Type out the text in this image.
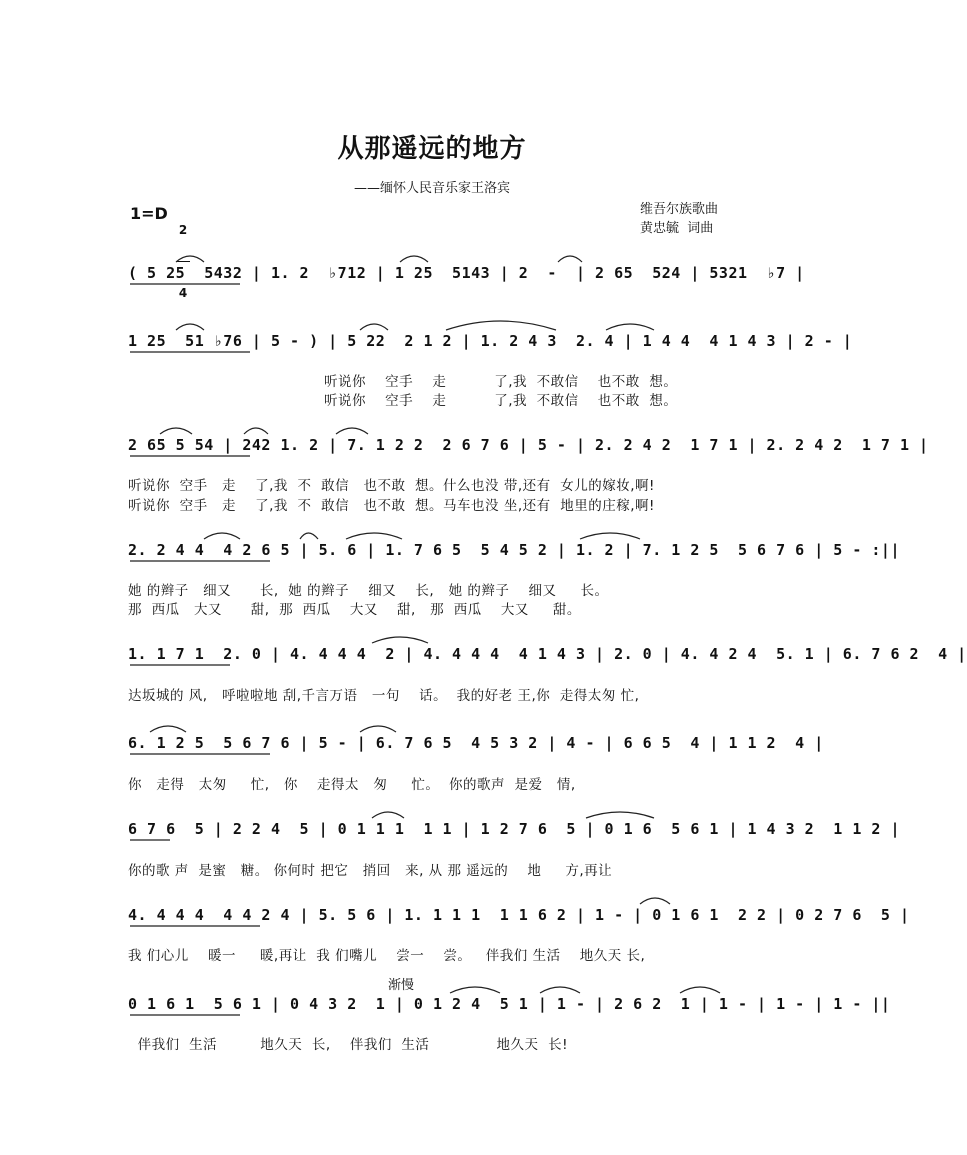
从那遥远的地方
——缅怀人民音乐家王洛宾
1=D

2

4

维吾尔族歌曲
黄忠毓  词曲
( 5 25  5432 | 1. 2  ♭712 | 1 25  5143 | 2  -  | 2 65  524 | 5321  ♭7 |
1 25  51 ♭76 | 5 - ) | 5 22  2 1 2 | 1. 2 4 3  2. 4 | 1 4 4  4 1 4 3 | 2 - |
听说你    空手    走          了,我  不敢信    也不敢  想。
听说你    空手    走          了,我  不敢信    也不敢  想。
2 65 5 54 | 242 1. 2 | 7. 1 2 2  2 6 7 6 | 5 - | 2. 2 4 2  1 7 1 | 2. 2 4 2  1 7 1 |
听说你  空手   走    了,我  不  敢信   也不敢  想。什么也没 带,还有  女儿的嫁妆,啊!
听说你  空手   走    了,我  不  敢信   也不敢  想。马车也没 坐,还有  地里的庄稼,啊!
2. 2 4 4  4 2 6 5 | 5. 6 | 1. 7 6 5  5 4 5 2 | 1. 2 | 7. 1 2 5  5 6 7 6 | 5 - :||
她 的辫子   细又      长,  她 的辫子    细又    长,   她 的辫子    细又     长。
那  西瓜   大又      甜,  那  西瓜    大又    甜,   那  西瓜    大又     甜。
1. 1 7 1  2. 0 | 4. 4 4 4  2 | 4. 4 4 4  4 1 4 3 | 2. 0 | 4. 4 2 4  5. 1 | 6. 7 6 2  4 |
达坂城的 风,   呼啦啦地 刮,千言万语   一句    话。  我的好老 王,你  走得太匆 忙,
6. 1 2 5  5 6 7 6 | 5 - | 6. 7 6 5  4 5 3 2 | 4 - | 6 6 5  4 | 1 1 2  4 |
你   走得   太匆     忙,   你    走得太   匆     忙。  你的歌声  是爱   情,
6 7 6  5 | 2 2 4  5 | 0 1 1 1  1 1 | 1 2 7 6  5 | 0 1 6  5 6 1 | 1 4 3 2  1 1 2 |
你的歌 声  是蜜   糖。 你何时 把它   捎回   来, 从 那 遥远的    地     方,再让
4. 4 4 4  4 4 2 4 | 5. 5 6 | 1. 1 1 1  1 1 6 2 | 1 - | 0 1 6 1  2 2 | 0 2 7 6  5 |
我 们心儿    暖一     暖,再让  我 们嘴儿    尝一    尝。   伴我们 生活    地久天 长,
渐慢
0 1 6 1  5 6 1 | 0 4 3 2  1 | 0 1 2 4  5 1 | 1 - | 2 6 2  1 | 1 - | 1 - | 1 - ||
伴我们  生活         地久天  长,    伴我们  生活              地久天  长!
